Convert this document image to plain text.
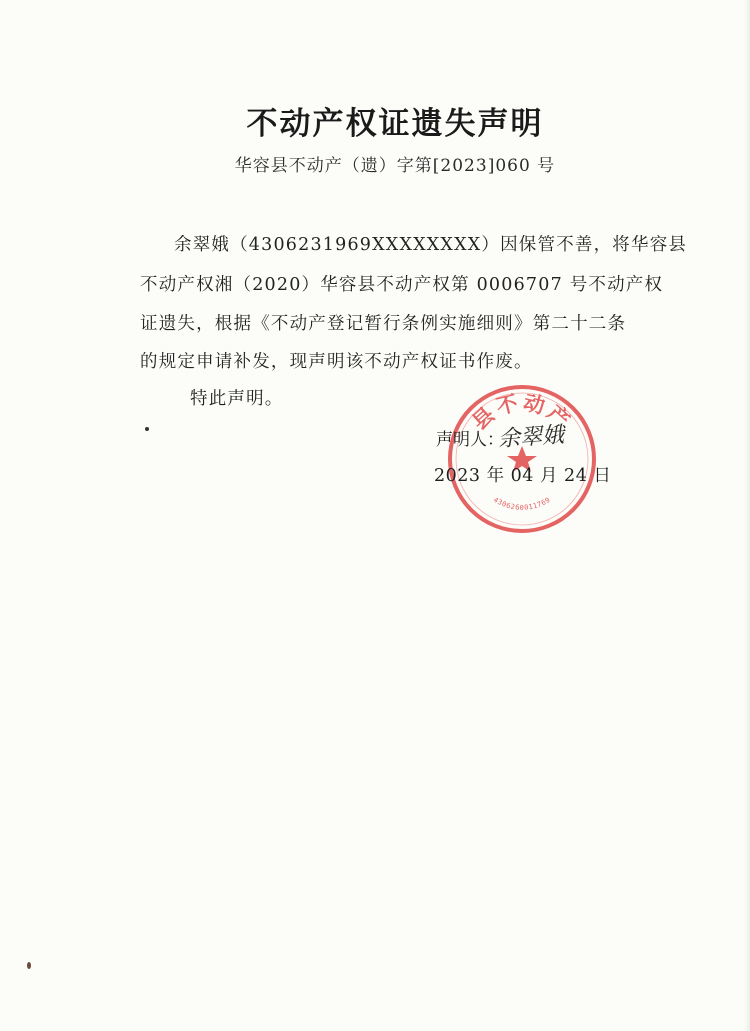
不动产权证遗失声明
华容县不动产（遗）字第[2023]060 号
余翠娥（4306231969XXXXXXXX）因保管不善，将华容县
不动产权湘（2020）华容县不动产权第 0006707 号不动产权
证遗失，根据《不动产登记暂行条例实施细则》第二十二条
的规定申请补发，现声明该不动产权证书作废。
特此声明。
县不动产
4306260011769
声明人：
余翠娥
2023 年 04 月 24 日
